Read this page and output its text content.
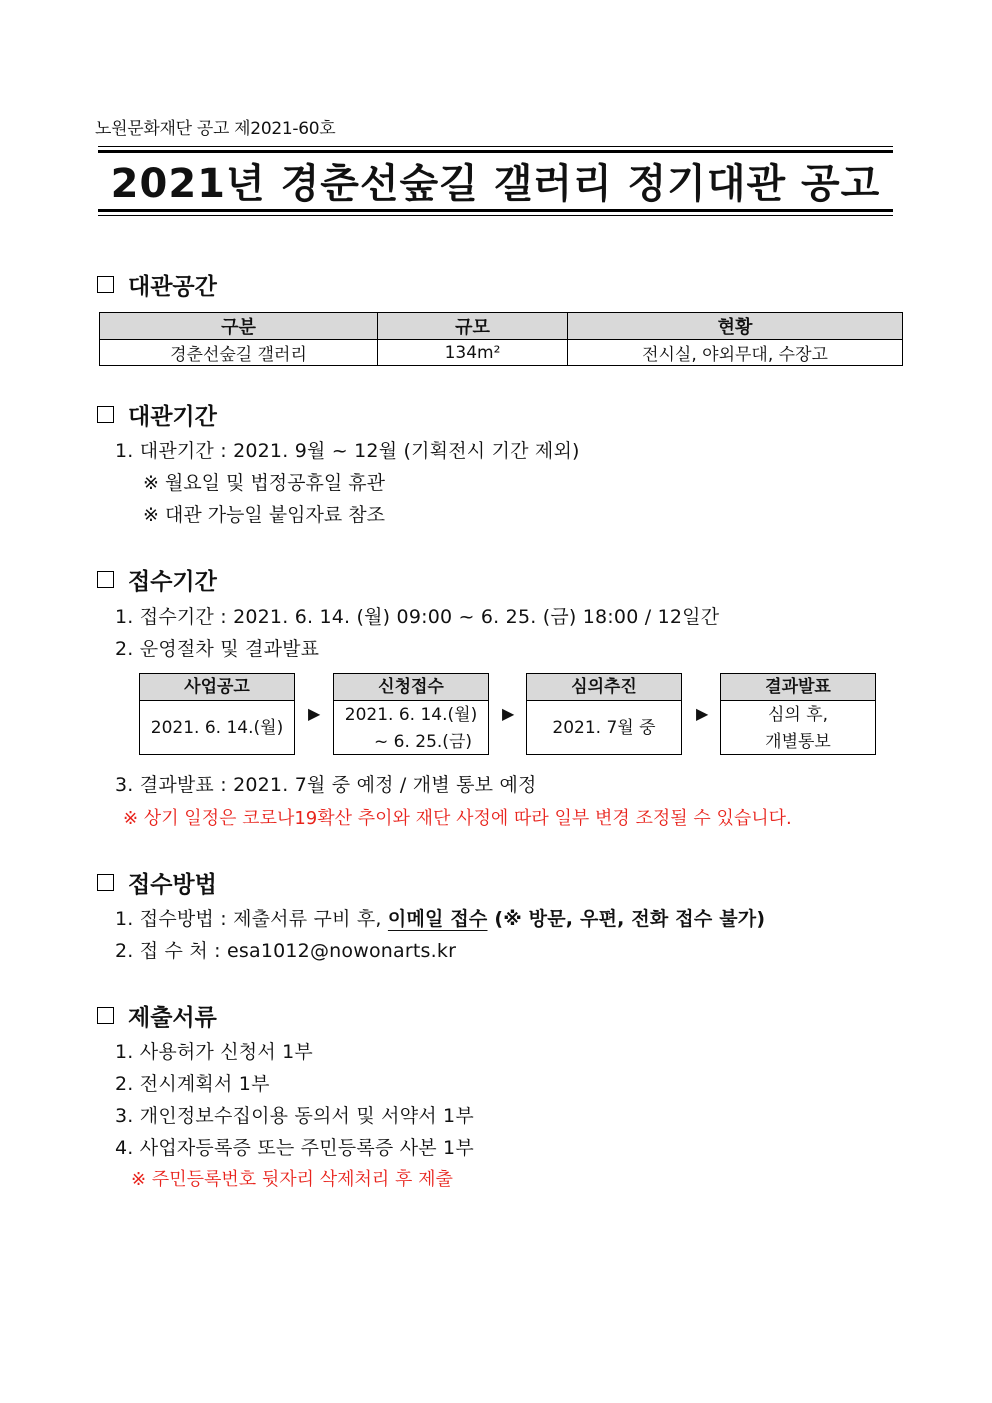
노원문화재단 공고 제2021-60호
2021년 경춘선숲길 갤러리 정기대관 공고
대관공간
구분	규모	현황
경춘선숲길 갤러리	134m²	전시실, 야외무대, 수장고
대관기간
1. 대관기간 : 2021. 9월 ~ 12월 (기획전시 기간 제외)
※ 월요일 및 법정공휴일 휴관
※ 대관 가능일 붙임자료 참조
접수기간
1. 접수기간 : 2021. 6. 14. (월) 09:00 ~ 6. 25. (금) 18:00 / 12일간
2. 운영절차 및 결과발표
사업공고
2021. 6. 14.(월)
▶
신청접수
2021. 6. 14.(월)
~ 6. 25.(금)
▶
심의추진
2021. 7월 중
▶
결과발표
심의 후,
개별통보
3. 결과발표 : 2021. 7월 중 예정 / 개별 통보 예정
※ 상기 일정은 코로나19확산 추이와 재단 사정에 따라 일부 변경 조정될 수 있습니다.
접수방법
1. 접수방법 : 제출서류 구비 후, 이메일 접수 (※ 방문, 우편, 전화 접수 불가)
2. 접 수 처 : esa1012@nowonarts.kr
제출서류
1. 사용허가 신청서 1부
2. 전시계획서 1부
3. 개인정보수집이용 동의서 및 서약서 1부
4. 사업자등록증 또는 주민등록증 사본 1부
※ 주민등록번호 뒷자리 삭제처리 후 제출
